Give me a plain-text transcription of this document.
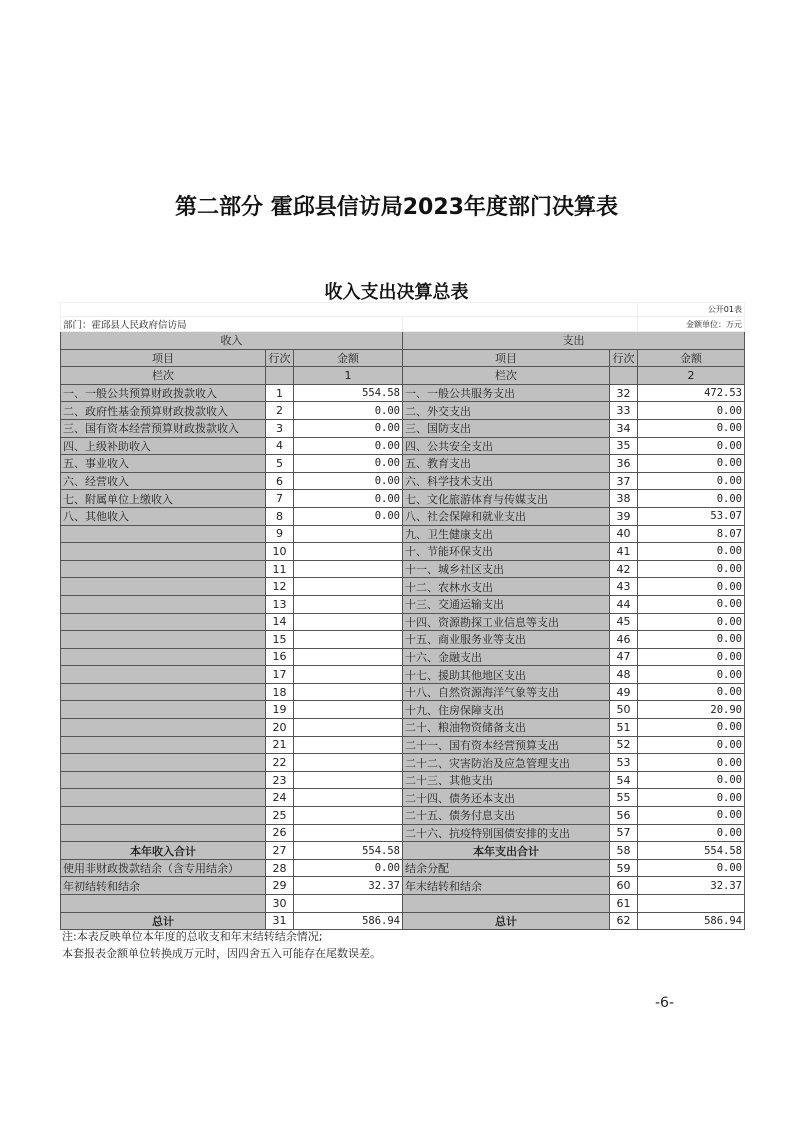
第二部分 霍邱县信访局2023年度部门决算表
收入支出决算总表
					公开01表
部门：霍邱县人民政府信访局					金额单位：万元
收入			支出		
项目	行次	金额	项目	行次	金额
栏次		1	栏次		2
一、一般公共预算财政拨款收入	1	554.58	一、一般公共服务支出	32	472.53
二、政府性基金预算财政拨款收入	2	0.00	二、外交支出	33	0.00
三、国有资本经营预算财政拨款收入	3	0.00	三、国防支出	34	0.00
四、上级补助收入	4	0.00	四、公共安全支出	35	0.00
五、事业收入	5	0.00	五、教育支出	36	0.00
六、经营收入	6	0.00	六、科学技术支出	37	0.00
七、附属单位上缴收入	7	0.00	七、文化旅游体育与传媒支出	38	0.00
八、其他收入	8	0.00	八、社会保障和就业支出	39	53.07
	9		九、卫生健康支出	40	8.07
	10		十、节能环保支出	41	0.00
	11		十一、城乡社区支出	42	0.00
	12		十二、农林水支出	43	0.00
	13		十三、交通运输支出	44	0.00
	14		十四、资源勘探工业信息等支出	45	0.00
	15		十五、商业服务业等支出	46	0.00
	16		十六、金融支出	47	0.00
	17		十七、援助其他地区支出	48	0.00
	18		十八、自然资源海洋气象等支出	49	0.00
	19		十九、住房保障支出	50	20.90
	20		二十、粮油物资储备支出	51	0.00
	21		二十一、国有资本经营预算支出	52	0.00
	22		二十二、灾害防治及应急管理支出	53	0.00
	23		二十三、其他支出	54	0.00
	24		二十四、债务还本支出	55	0.00
	25		二十五、债务付息支出	56	0.00
	26		二十六、抗疫特别国债安排的支出	57	0.00
本年收入合计	27	554.58	本年支出合计	58	554.58
使用非财政拨款结余（含专用结余）	28	0.00	结余分配	59	0.00
年初结转和结余	29	32.37	年末结转和结余	60	32.37
	30			61	
总计	31	586.94	总计	62	586.94
注:本表反映单位本年度的总收支和年末结转结余情况;
本套报表金额单位转换成万元时，因四舍五入可能存在尾数误差。
-6-
